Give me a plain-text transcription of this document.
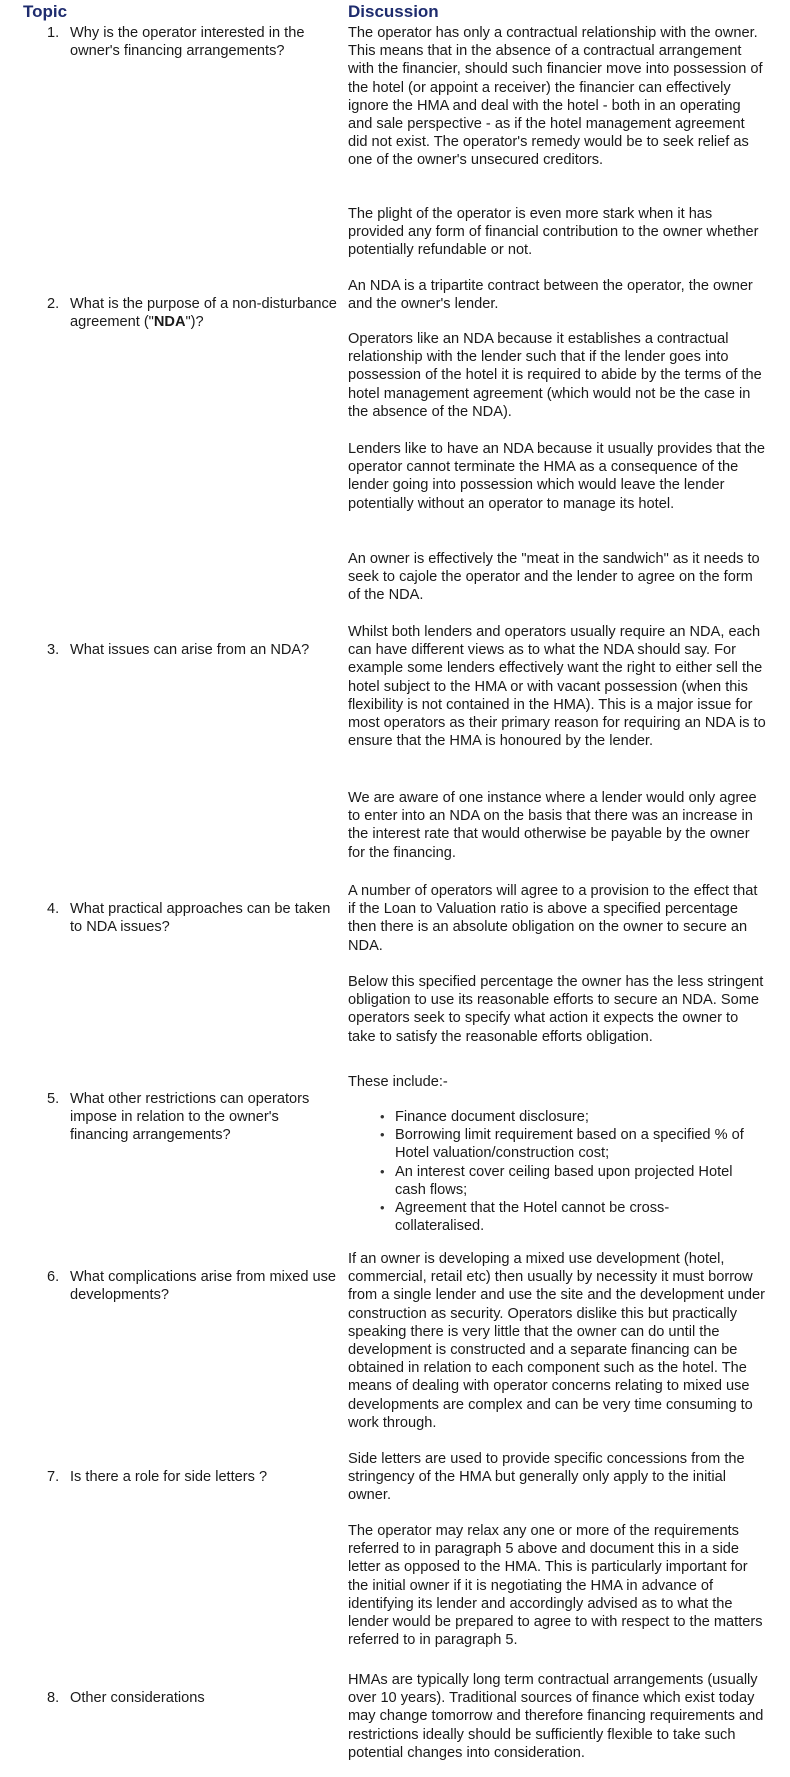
Topic	Discussion
1. Why is the operator interested in the owner's financing arrangements?
2. What is the purpose of a non-disturbance agreement ("NDA")?
3. What issues can arise from an NDA?
4. What practical approaches can be taken to NDA issues?
5. What other restrictions can operators impose in relation to the owner's financing arrangements?
6. What complications arise from mixed use developments?
7. Is there a role for side letters ?
8. Other considerations

The operator has only a contractual relationship with the owner. This means that in the absence of a contractual arrangement with the financier, should such financier move into possession of the hotel (or appoint a receiver) the financier can effectively ignore the HMA and deal with the hotel - both in an operating and sale perspective - as if the hotel management agreement did not exist. The operator's remedy would be to seek relief as one of the owner's unsecured creditors.

The plight of the operator is even more stark when it has provided any form of financial contribution to the owner whether potentially refundable or not.

An NDA is a tripartite contract between the operator, the owner and the owner's lender.

Operators like an NDA because it establishes a contractual relationship with the lender such that if the lender goes into possession of the hotel it is required to abide by the terms of the hotel management agreement (which would not be the case in the absence of the NDA).

Lenders like to have an NDA because it usually provides that the operator cannot terminate the HMA as a consequence of the lender going into possession which would leave the lender potentially without an operator to manage its hotel.

An owner is effectively the "meat in the sandwich" as it needs to seek to cajole the operator and the lender to agree on the form of the NDA.

Whilst both lenders and operators usually require an NDA, each can have different views as to what the NDA should say. For example some lenders effectively want the right to either sell the hotel subject to the HMA or with vacant possession (when this flexibility is not contained in the HMA). This is a major issue for most operators as their primary reason for requiring an NDA is to ensure that the HMA is honoured by the lender.

We are aware of one instance where a lender would only agree to enter into an NDA on the basis that there was an increase in the interest rate that would otherwise be payable by the owner for the financing.

A number of operators will agree to a provision to the effect that if the Loan to Valuation ratio is above a specified percentage then there is an absolute obligation on the owner to secure an NDA.

Below this specified percentage the owner has the less stringent obligation to use its reasonable efforts to secure an NDA. Some operators seek to specify what action it expects the owner to take to satisfy the reasonable efforts obligation.

These include:-

• Finance document disclosure;
• Borrowing limit requirement based on a specified % of Hotel valuation/construction cost;
• An interest cover ceiling based upon projected Hotel cash flows;
• Agreement that the Hotel cannot be cross-collateralised.

If an owner is developing a mixed use development (hotel, commercial, retail etc) then usually by necessity it must borrow from a single lender and use the site and the development under construction as security. Operators dislike this but practically speaking there is very little that the owner can do until the development is constructed and a separate financing can be obtained in relation to each component such as the hotel. The means of dealing with operator concerns relating to mixed use developments are complex and can be very time consuming to work through.

Side letters are used to provide specific concessions from the stringency of the HMA but generally only apply to the initial owner.

The operator may relax any one or more of the requirements referred to in paragraph 5 above and document this in a side letter as opposed to the HMA. This is particularly important for the initial owner if it is negotiating the HMA in advance of identifying its lender and accordingly advised as to what the lender would be prepared to agree to with respect to the matters referred to in paragraph 5.

HMAs are typically long term contractual arrangements (usually over 10 years). Traditional sources of finance which exist today may change tomorrow and therefore financing requirements and restrictions ideally should be sufficiently flexible to take such potential changes into consideration.
